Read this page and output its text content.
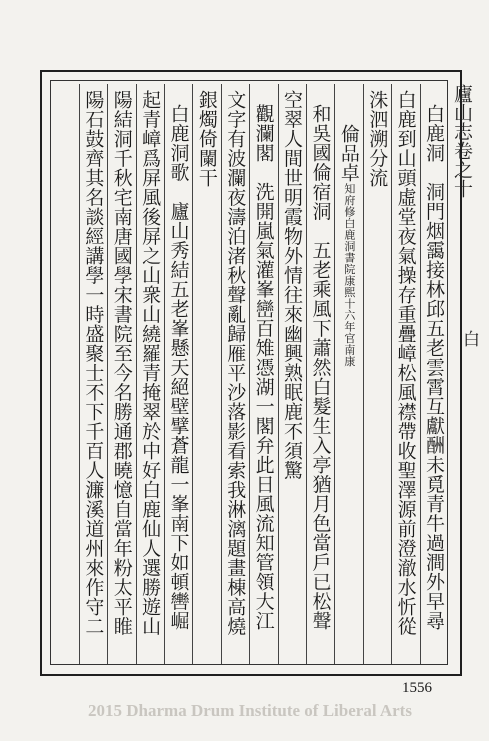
廬山志卷之十
白
白鹿洞　洞門烟靄接林邱五老雲霄互獻酬未覓青牛過澗外早尋
白鹿到山頭虛堂夜氣操存重疊嶂松風襟帶收聖澤源前澄澈水忻從
洙泗溯分流
倫品卓
康熙十六年官南康
知府修白鹿洞書院
和吳國倫宿洞　五老乘風下蕭然白髮生入亭猶月色當戶已松聲
空翠人間世明霞物外情往來幽興熟眠鹿不須驚
觀瀾閣　洗開嵐氣灌峯巒百雉憑湖一閣弁此日風流知管領大江
文字有波瀾夜濤泊渚秋聲亂歸雁平沙落影看索我淋漓題畫棟高燒
銀燭倚闌干
白鹿洞歌　廬山秀結五老峯懸天絕壁擘蒼龍一峯南下如頓轡崛
起青嶂爲屏風後屏之山衆山繞羅青掩翠於中好白鹿仙人選勝遊山
陽結洞千秋宅南唐國學宋書院至今名勝通郡曉憶自當年粉太平睢
陽石鼓齊其名談經講學一時盛聚士不下千百人濂溪道州來作守二
1556
2015 Dharma Drum Institute of Liberal Arts
